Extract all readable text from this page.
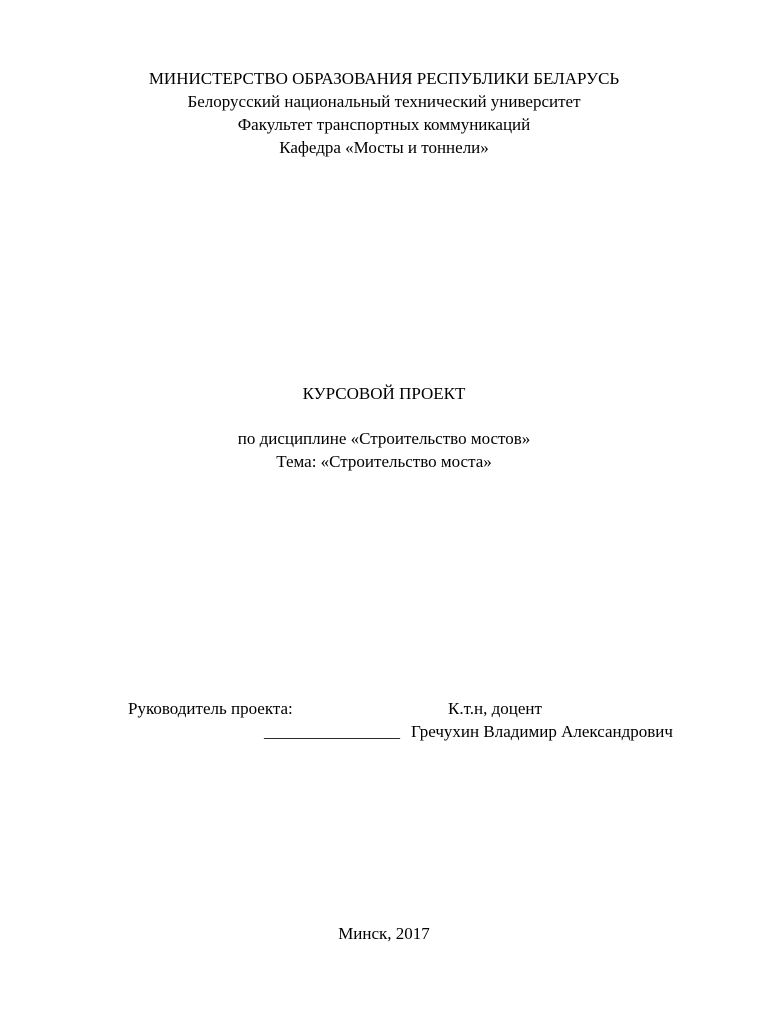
МИНИСТЕРСТВО ОБРАЗОВАНИЯ РЕСПУБЛИКИ БЕЛАРУСЬ
Белорусский национальный технический университет
Факультет транспортных коммуникаций
Кафедра «Мосты и тоннели»
КУРСОВОЙ ПРОЕКТ
по дисциплине «Строительство мостов»
Тема: «Строительство моста»
Руководитель проекта:	К.т.н, доцент
________________ Гречухин Владимир Александрович
Минск, 2017
